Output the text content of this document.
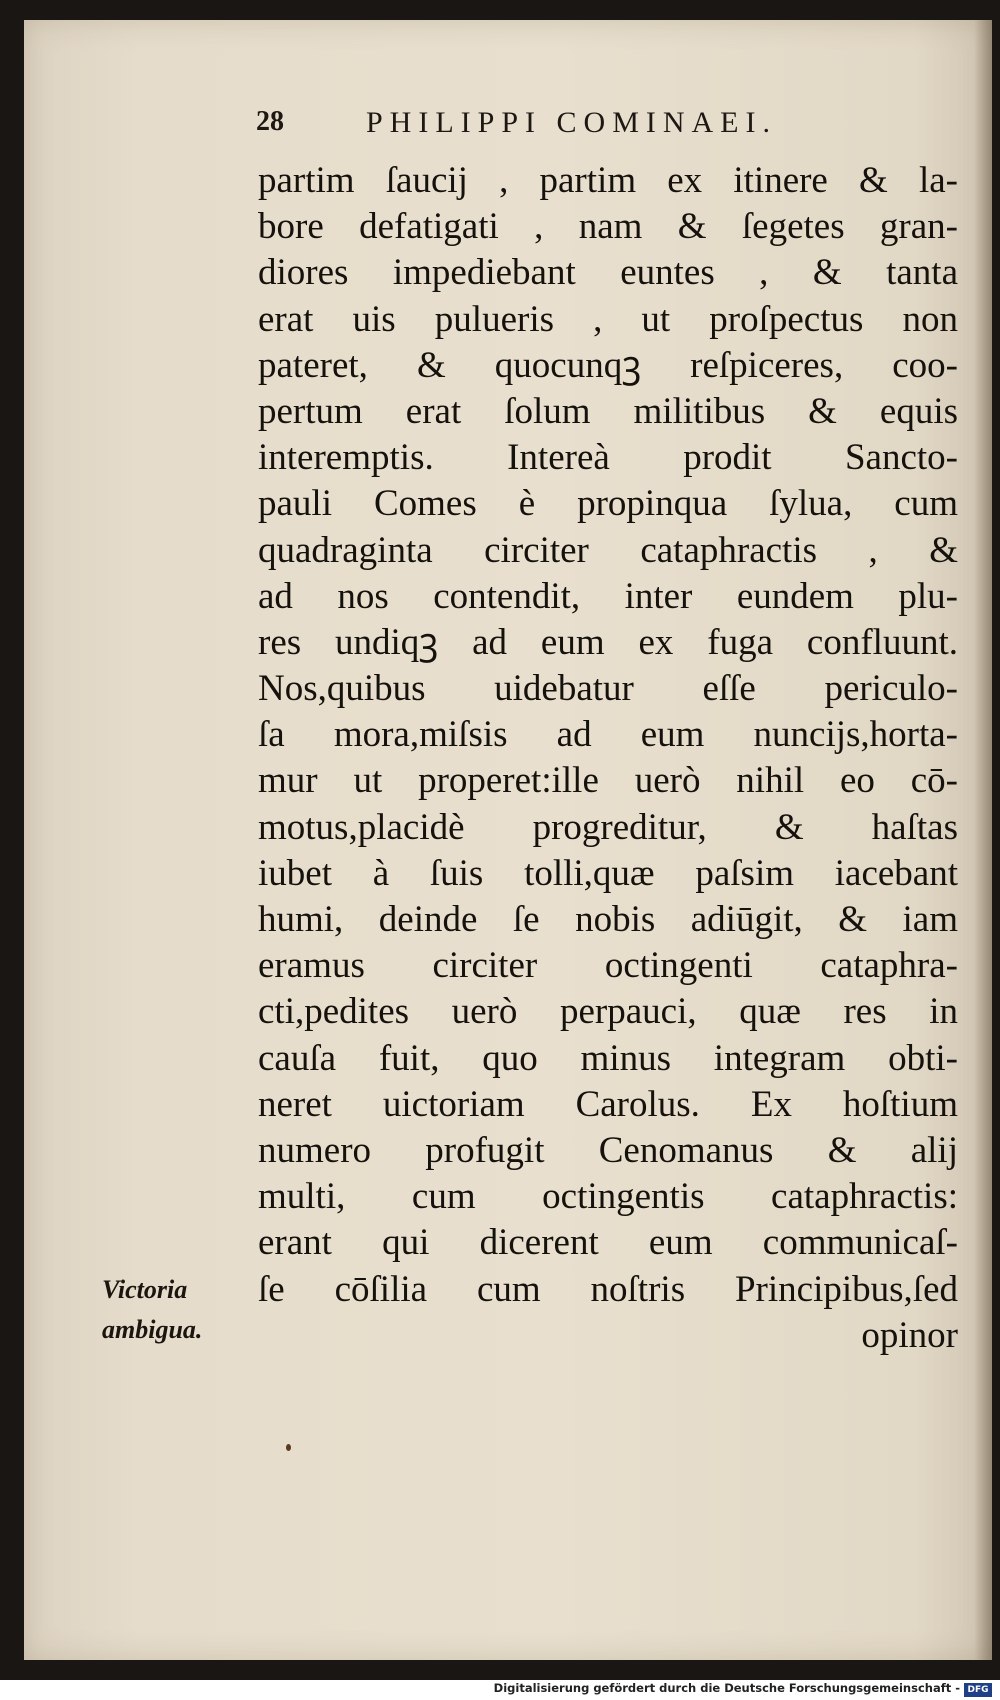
28	PHILIPPI COMINAEI.
partim ſaucij , partim ex itinere & la-
bore defatigati , nam & ſegetes gran-
diores impediebant euntes , & tanta
erat uis pulueris , ut proſpectus non
pateret, & quocunqꝫ reſpiceres, coo-
pertum erat ſolum militibus & equis
interemptis. Intereà prodit Sancto-
pauli Comes è propinqua ſylua, cum
quadraginta circiter cataphractis , &
ad nos contendit, inter eundem plu-
res undiqꝫ ad eum ex fuga confluunt.
Nos,quibus uidebatur eſſe periculo-
ſa mora,miſsis ad eum nuncijs,horta-
mur ut properet:ille uerò nihil eo cō-
motus,placidè progreditur, & haſtas
iubet à ſuis tolli,quæ paſsim iacebant
humi, deinde ſe nobis adiūgit, & iam
eramus circiter octingenti cataphra-
cti,pedites uerò perpauci, quæ res in
cauſa fuit, quo minus integram obti-
neret uictoriam Carolus. Ex hoſtium
numero profugit Cenomanus & alij
multi, cum octingentis cataphractis:
erant qui dicerent eum communicaſ-
ſe cōſilia cum noſtris Principibus,ſed
opinor
Victoria
ambigua.
Digitalisierung gefördert durch die Deutsche Forschungsgemeinschaft - DFG
